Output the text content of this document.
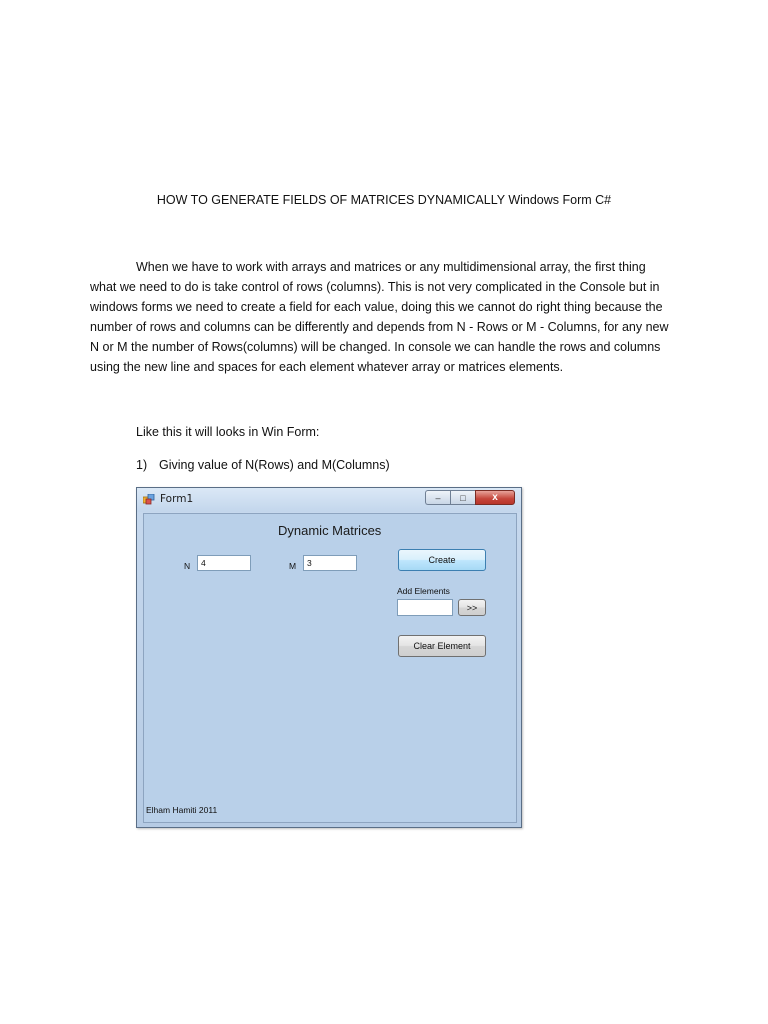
HOW TO GENERATE FIELDS OF MATRICES DYNAMICALLY Windows Form C#
When we have to work with arrays and matrices or any multidimensional array, the first thing
what we need to do is take control of rows (columns). This is not very complicated in the Console but in
windows forms we need to create a field for each value, doing this we cannot do right thing because the
number of rows and columns can be differently and depends from N - Rows or M - Columns, for any new
N or M the number of Rows(columns) will be changed. In console we can handle the rows and columns
using the new line and spaces for each element whatever array or matrices elements.
Like this it will looks in Win Form:
1) Giving value of N(Rows) and M(Columns)
Form1	–	□	x
Dynamic Matrices
N	4	M	3	Create
Add Elements
>>
Clear Element
Elham Hamiti 2011
